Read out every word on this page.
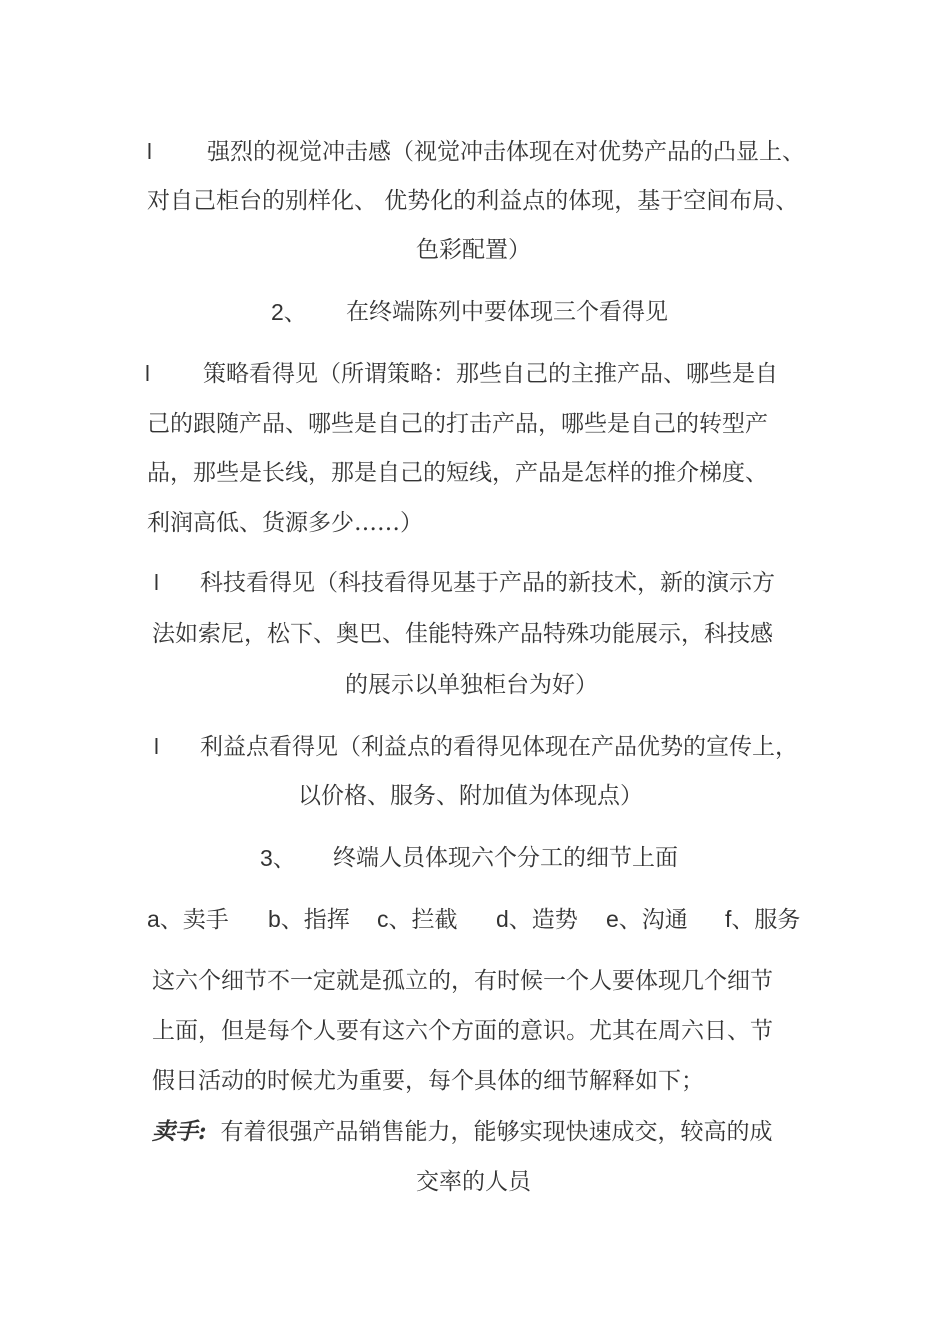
l 强烈的视觉冲击感（视觉冲击体现在对优势产品的凸显上、
对自己柜台的别样化、 优势化的利益点的体现，基于空间布局、
色彩配置）
2、 在终端陈列中要体现三个看得见
l 策略看得见（所谓策略：那些自己的主推产品、哪些是自
己的跟随产品、哪些是自己的打击产品，哪些是自己的转型产
品，那些是长线，那是自己的短线，产品是怎样的推介梯度、
利润高低、货源多少……）
l 科技看得见（科技看得见基于产品的新技术，新的演示方
法如索尼，松下、奥巴、佳能特殊产品特殊功能展示，科技感
的展示以单独柜台为好）
l 利益点看得见（利益点的看得见体现在产品优势的宣传上，
以价格、服务、附加值为体现点）
3、 终端人员体现六个分工的细节上面
a、卖手 b、指挥 c、拦截 d、造势 e、沟通 f、服务
这六个细节不一定就是孤立的，有时候一个人要体现几个细节
上面，但是每个人要有这六个方面的意识。尤其在周六日、节
假日活动的时候尤为重要，每个具体的细节解释如下；
卖手: 有着很强产品销售能力，能够实现快速成交，较高的成
交率的人员
